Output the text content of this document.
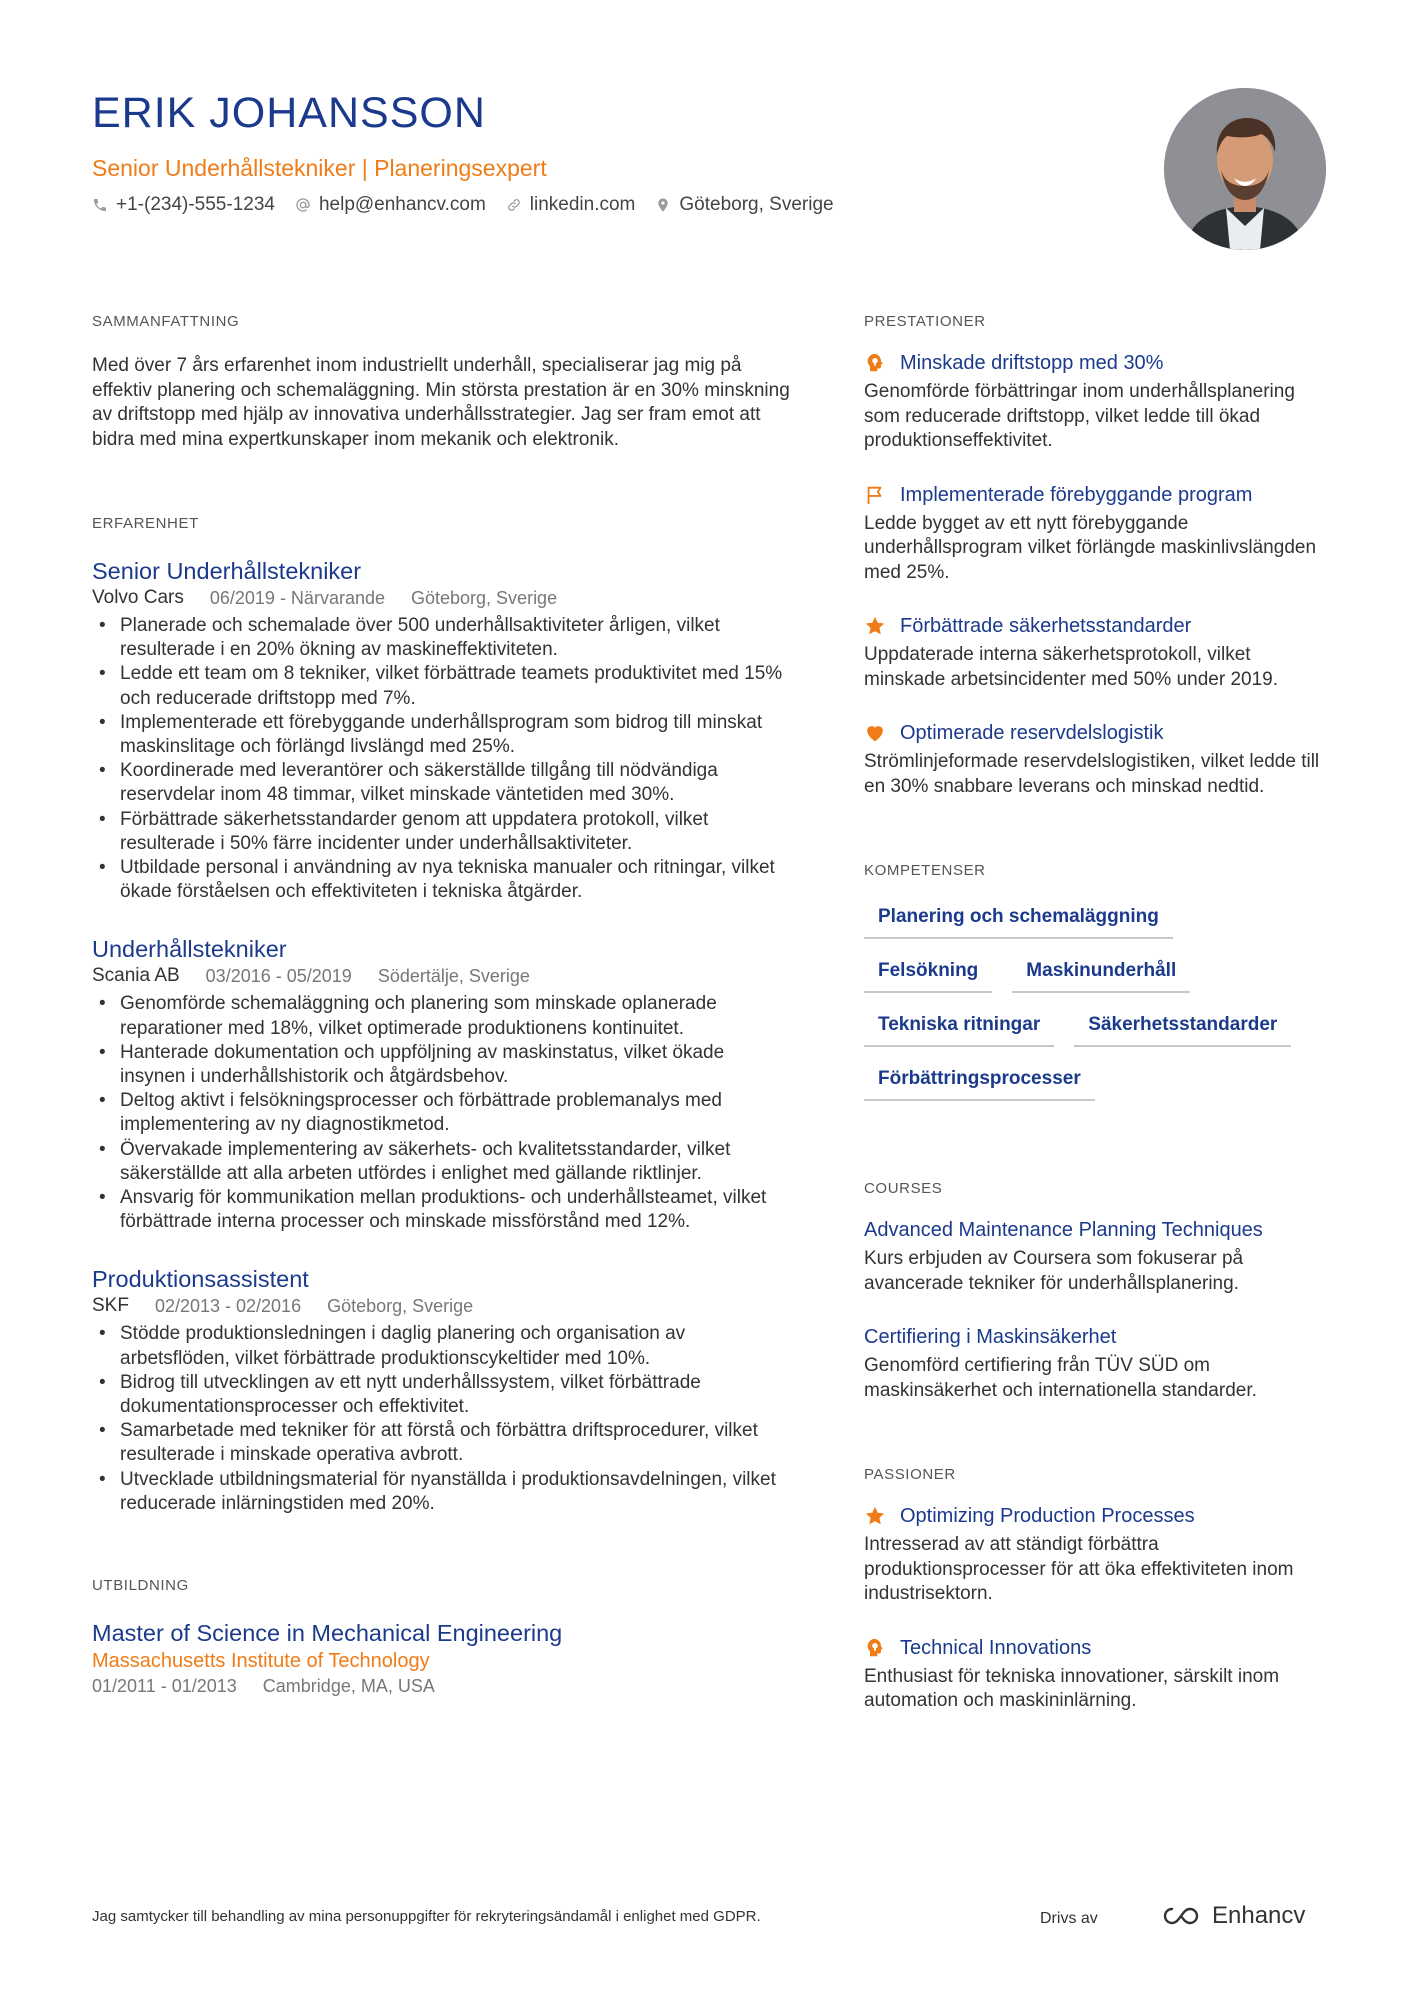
ERIK JOHANSSON
Senior Underhållstekniker | Planeringsexpert
+1-(234)-555-1234 help@enhancv.com linkedin.com Göteborg, Sverige
SAMMANFATTNING
Med över 7 års erfarenhet inom industriellt underhåll, specialiserar jag mig på effektiv planering och schemaläggning. Min största prestation är en 30% minskning av driftstopp med hjälp av innovativa underhållsstrategier. Jag ser fram emot att bidra med mina expertkunskaper inom mekanik och elektronik.
ERFARENHET
Senior Underhållstekniker
Volvo Cars 06/2019 - Närvarande Göteborg, Sverige
• Planerade och schemalade över 500 underhållsaktiviteter årligen, vilket resulterade i en 20% ökning av maskineffektiviteten.
• Ledde ett team om 8 tekniker, vilket förbättrade teamets produktivitet med 15% och reducerade driftstopp med 7%.
• Implementerade ett förebyggande underhållsprogram som bidrog till minskat maskinslitage och förlängd livslängd med 25%.
• Koordinerade med leverantörer och säkerställde tillgång till nödvändiga reservdelar inom 48 timmar, vilket minskade väntetiden med 30%.
• Förbättrade säkerhetsstandarder genom att uppdatera protokoll, vilket resulterade i 50% färre incidenter under underhållsaktiviteter.
• Utbildade personal i användning av nya tekniska manualer och ritningar, vilket ökade förståelsen och effektiviteten i tekniska åtgärder.
Underhållstekniker
Scania AB 03/2016 - 05/2019 Södertälje, Sverige
• Genomförde schemaläggning och planering som minskade oplanerade reparationer med 18%, vilket optimerade produktionens kontinuitet.
• Hanterade dokumentation och uppföljning av maskinstatus, vilket ökade insynen i underhållshistorik och åtgärdsbehov.
• Deltog aktivt i felsökningsprocesser och förbättrade problemanalys med implementering av ny diagnostikmetod.
• Övervakade implementering av säkerhets- och kvalitetsstandarder, vilket säkerställde att alla arbeten utfördes i enlighet med gällande riktlinjer.
• Ansvarig för kommunikation mellan produktions- och underhållsteamet, vilket förbättrade interna processer och minskade missförstånd med 12%.
Produktionsassistent
SKF 02/2013 - 02/2016 Göteborg, Sverige
• Stödde produktionsledningen i daglig planering och organisation av arbetsflöden, vilket förbättrade produktionscykeltider med 10%.
• Bidrog till utvecklingen av ett nytt underhållssystem, vilket förbättrade dokumentationsprocesser och effektivitet.
• Samarbetade med tekniker för att förstå och förbättra driftsprocedurer, vilket resulterade i minskade operativa avbrott.
• Utvecklade utbildningsmaterial för nyanställda i produktionsavdelningen, vilket reducerade inlärningstiden med 20%.
UTBILDNING
Master of Science in Mechanical Engineering
Massachusetts Institute of Technology
01/2011 - 01/2013 Cambridge, MA, USA
PRESTATIONER
Minskade driftstopp med 30%
Genomförde förbättringar inom underhållsplanering som reducerade driftstopp, vilket ledde till ökad produktionseffektivitet.
Implementerade förebyggande program
Ledde bygget av ett nytt förebyggande underhållsprogram vilket förlängde maskinlivslängden med 25%.
Förbättrade säkerhetsstandarder
Uppdaterade interna säkerhetsprotokoll, vilket minskade arbetsincidenter med 50% under 2019.
Optimerade reservdelslogistik
Strömlinjeformade reservdelslogistiken, vilket ledde till en 30% snabbare leverans och minskad nedtid.
KOMPETENSER
Planering och schemaläggning
Felsökning	Maskinunderhåll
Tekniska ritningar	Säkerhetsstandarder
Förbättringsprocesser
COURSES
Advanced Maintenance Planning Techniques
Kurs erbjuden av Coursera som fokuserar på avancerade tekniker för underhållsplanering.
Certifiering i Maskinsäkerhet
Genomförd certifiering från TÜV SÜD om maskinsäkerhet och internationella standarder.
PASSIONER
Optimizing Production Processes
Intresserad av att ständigt förbättra produktionsprocesser för att öka effektiviteten inom industrisektorn.
Technical Innovations
Enthusiast för tekniska innovationer, särskilt inom automation och maskininlärning.
Jag samtycker till behandling av mina personuppgifter för rekryteringsändamål i enlighet med GDPR.	Drivs av	Enhancv
